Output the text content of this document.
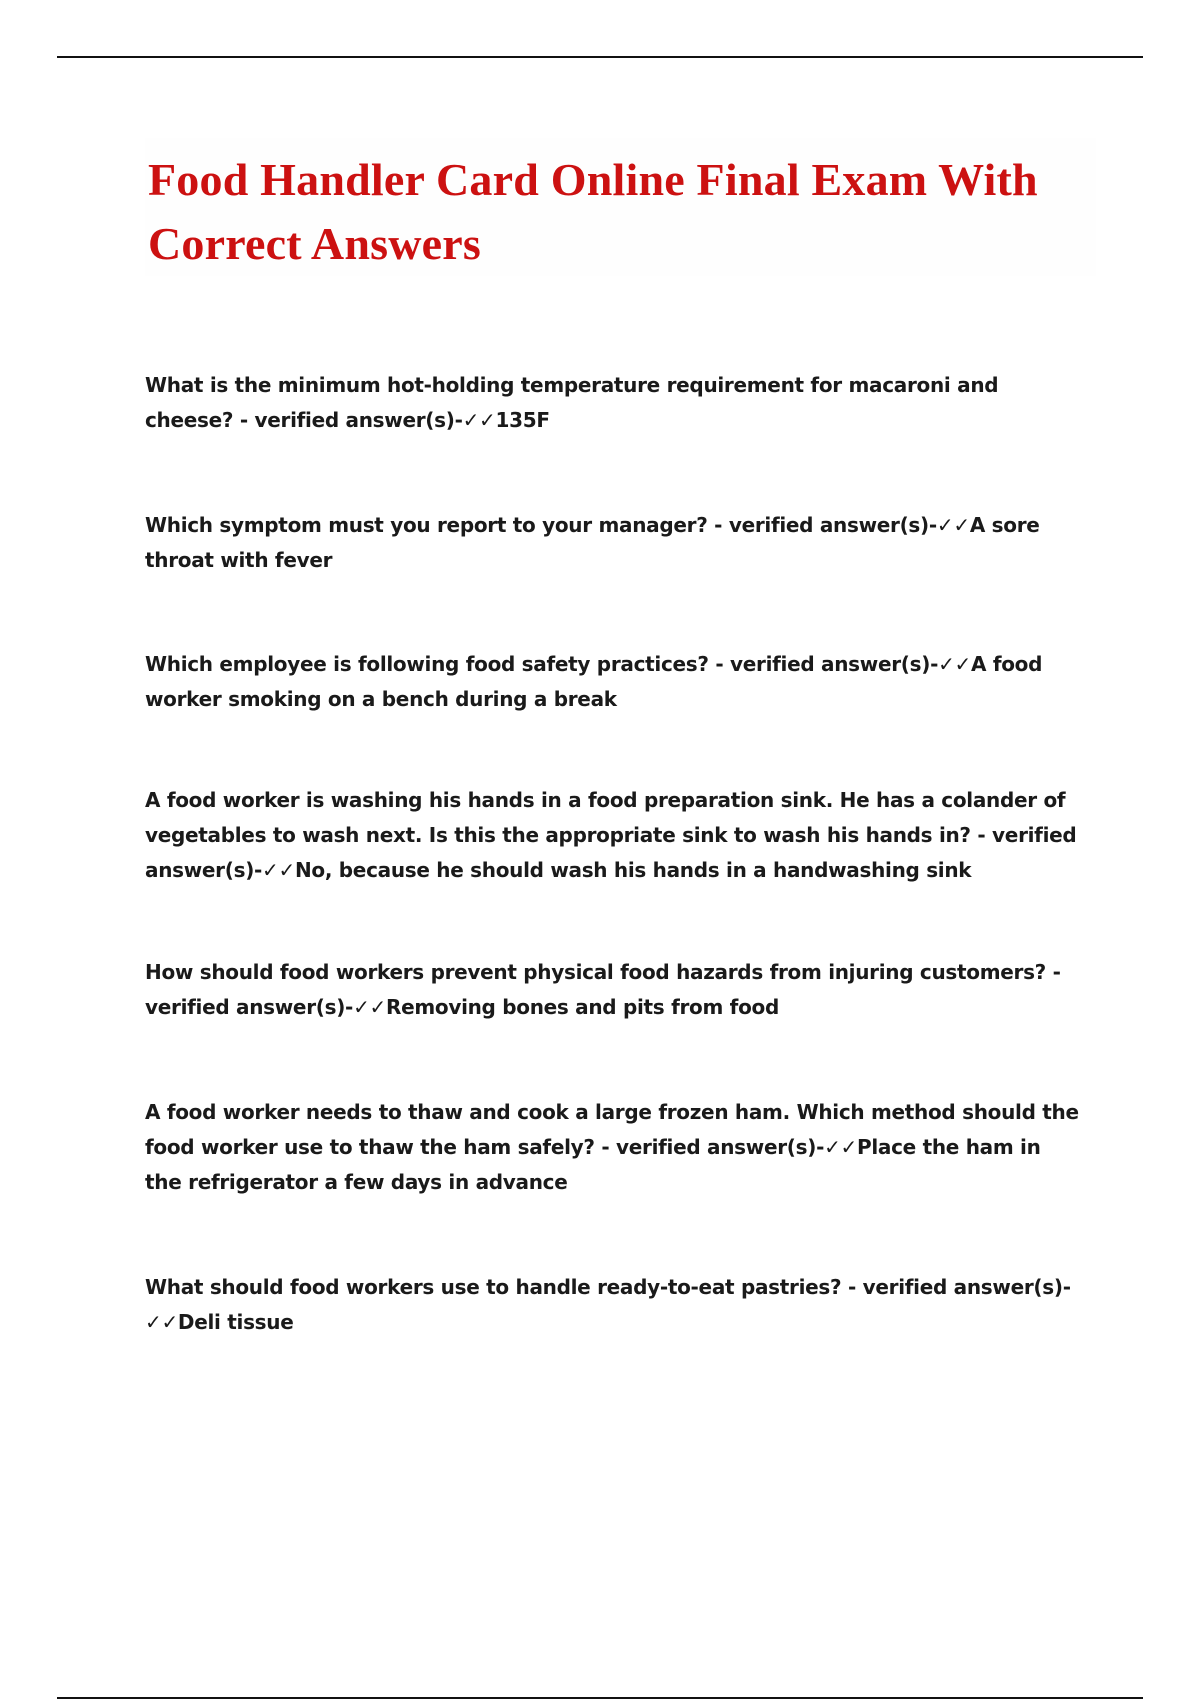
Food Handler Card Online Final Exam With Correct Answers

What is the minimum hot-holding temperature requirement for macaroni and cheese? - verified answer(s)-✓✓135F

Which symptom must you report to your manager? - verified answer(s)-✓✓A sore throat with fever

Which employee is following food safety practices? - verified answer(s)-✓✓A food worker smoking on a bench during a break

A food worker is washing his hands in a food preparation sink. He has a colander of vegetables to wash next. Is this the appropriate sink to wash his hands in? - verified answer(s)-✓✓No, because he should wash his hands in a handwashing sink

How should food workers prevent physical food hazards from injuring customers? - verified answer(s)-✓✓Removing bones and pits from food

A food worker needs to thaw and cook a large frozen ham. Which method should the food worker use to thaw the ham safely? - verified answer(s)-✓✓Place the ham in the refrigerator a few days in advance

What should food workers use to handle ready-to-eat pastries? - verified answer(s)-✓✓Deli tissue
